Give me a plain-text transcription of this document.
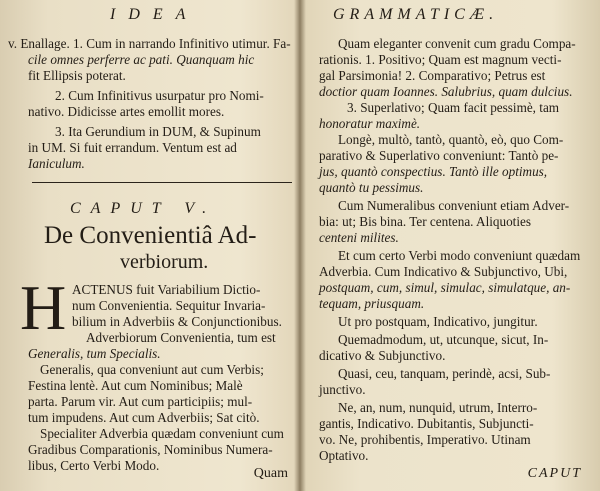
IDEA
v. Enallage. 1. Cum in narrando Infinitivo utimur. Fa-
cile omnes perferre ac pati. Quanquam hic
fit Ellipsis poterat.
2. Cum Infinitivus usurpatur pro Nomi-
nativo. Didicisse artes emollit mores.
3. Ita Gerundium in DUM, & Supinum
in UM. Si fuit errandum. Ventum est ad
Ianiculum.
CAPUT V.
De Convenientiâ Ad-
verbiorum.
H ACTENUS fuit Variabilium Dictio-
num Convenientia. Sequitur Invaria-
bilium in Adverbiis & Conjunctionibus.
Adverbiorum Convenientia, tum est
Generalis, tum Specialis.
Generalis, qua conveniunt aut cum Verbis;
Festina lentè. Aut cum Nominibus; Malè
parta. Parum vir. Aut cum participiis; mul-
tum impudens. Aut cum Adverbiis; Sat citò.
Specialiter Adverbia quædam conveniunt cum
Gradibus Comparationis, Nominibus Numera-
libus, Certo Verbi Modo.
Quam
GRAMMATICÆ.
Quam eleganter convenit cum gradu Compa-
rationis. 1. Positivo; Quam est magnum vecti-
gal Parsimonia! 2. Comparativo; Petrus est
doctior quam Ioannes. Salubrius, quam dulcius.
3. Superlativo; Quam facit pessimè, tam
honoratur maximè.
Longè, multò, tantò, quantò, eò, quo Com-
parativo & Superlativo conveniunt: Tantò pe-
jus, quantò conspectius. Tantò ille optimus,
quantò tu pessimus.
Cum Numeralibus conveniunt etiam Adver-
bia: ut; Bis bina. Ter centena. Aliquoties
centeni milites.
Et cum certo Verbi modo conveniunt quædam
Adverbia. Cum Indicativo & Subjunctivo, Ubi,
postquam, cum, simul, simulac, simulatque, an-
tequam, priusquam.
Ut pro postquam, Indicativo, jungitur.
Quemadmodum, ut, utcunque, sicut, In-
dicativo & Subjunctivo.
Quasi, ceu, tanquam, perindè, acsi, Sub-
junctivo.
Ne, an, num, nunquid, utrum, Interro-
gantis, Indicativo. Dubitantis, Subjuncti-
vo. Ne, prohibentis, Imperativo. Utinam
Optativo.
CAPUT
